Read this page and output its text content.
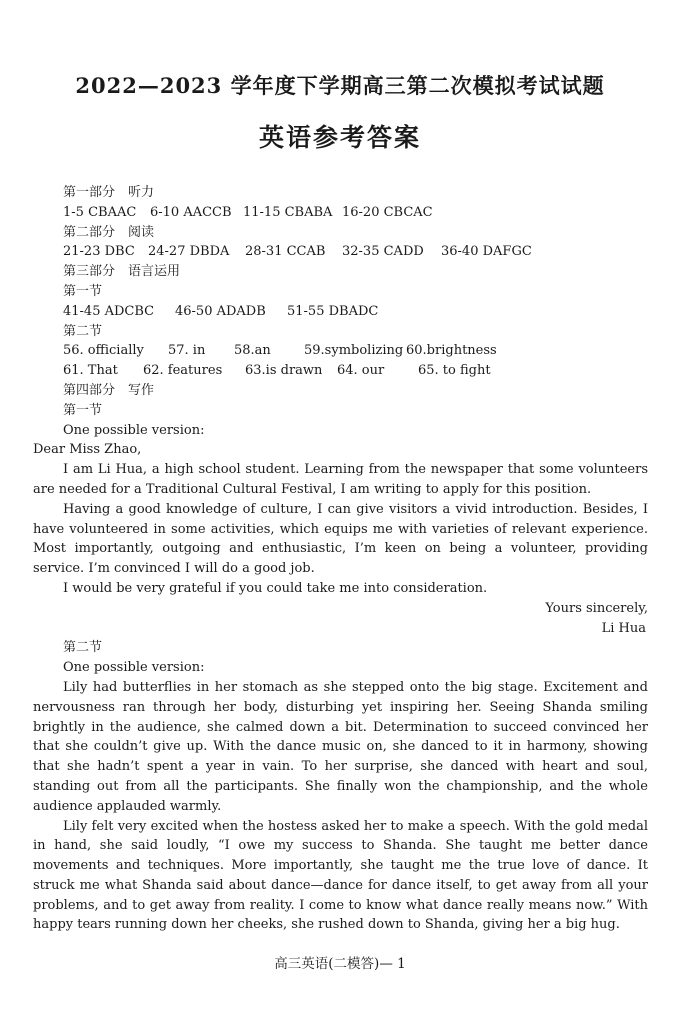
2022—2023 学年度下学期高三第二次模拟考试试题
英语参考答案
第一部分　听力
1-5 CBAAC	6-10 AACCB 11-15 CBABA 16-20 CBCAC
第二部分　阅读
21-23 DBC	24-27 DBDA	28-31 CCAB	32-35 CADD	36-40 DAFGC
第三部分　语言运用
第一节
41-45 ADCBC	46-50 ADADB	51-55 DBADC
第二节
56. officially	57. in	58.an	59.symbolizing 60.brightness
61. That	62. features	63.is drawn	64. our	65. to fight
第四部分　写作
第一节
One possible version:
Dear Miss Zhao,

I am Li Hua, a high school student. Learning from the newspaper that some volunteers are needed for a Traditional Cultural Festival, I am writing to apply for this position.

Having a good knowledge of culture, I can give visitors a vivid introduction. Besides, I have volunteered in some activities, which equips me with varieties of relevant experience. Most importantly, outgoing and enthusiastic, I’m keen on being a volunteer, providing service. I’m convinced I will do a good job.

I would be very grateful if you could take me into consideration.

Yours sincerely,
Li Hua
第二节
One possible version:

Lily had butterflies in her stomach as she stepped onto the big stage. Excitement and nervousness ran through her body, disturbing yet inspiring her. Seeing Shanda smiling brightly in the audience, she calmed down a bit. Determination to succeed convinced her that she couldn’t give up. With the dance music on, she danced to it in harmony, showing that she hadn’t spent a year in vain. To her surprise, she danced with heart and soul, standing out from all the participants. She finally won the championship, and the whole audience applauded warmly.

Lily felt very excited when the hostess asked her to make a speech. With the gold medal in hand, she said loudly, “I owe my success to Shanda. She taught me better dance movements and techniques. More importantly, she taught me the true love of dance. It struck me what Shanda said about dance—dance for dance itself, to get away from all your problems, and to get away from reality. I come to know what dance really means now.” With happy tears running down her cheeks, she rushed down to Shanda, giving her a big hug.

高三英语(二模答)— 1
